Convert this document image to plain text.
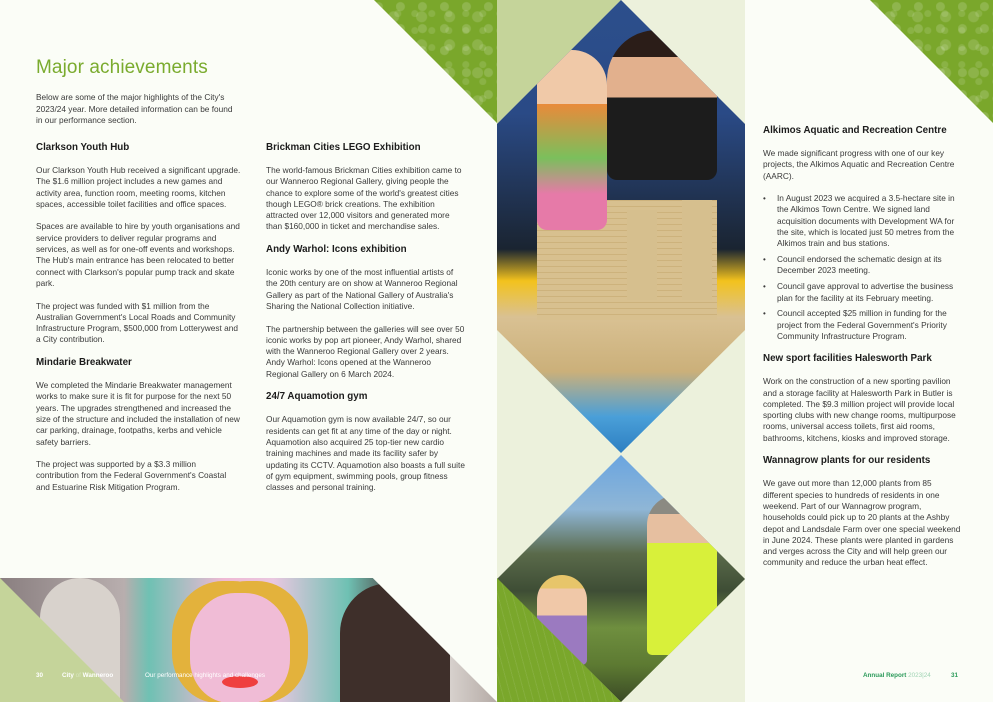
Major achievements

Below are some of the major highlights of the City's 2023/24 year. More detailed information can be found in our performance section.

Clarkson Youth Hub

Our Clarkson Youth Hub received a significant upgrade. The $1.6 million project includes a new games and activity area, function room, meeting rooms, kitchen spaces, accessible toilet facilities and office spaces.

Spaces are available to hire by youth organisations and service providers to deliver regular programs and services, as well as for one-off events and workshops. The Hub's main entrance has been relocated to better connect with Clarkson's popular pump track and skate park.

The project was funded with $1 million from the Australian Government's Local Roads and Community Infrastructure Program, $500,000 from Lotterywest and a City contribution.

Mindarie Breakwater

We completed the Mindarie Breakwater management works to make sure it is fit for purpose for the next 50 years. The upgrades strengthened and increased the size of the structure and included the installation of new car parking, drainage, footpaths, kerbs and vehicle safety barriers.

The project was supported by a $3.3 million contribution from the Federal Government's Coastal and Estuarine Risk Mitigation Program.

Brickman Cities LEGO Exhibition

The world-famous Brickman Cities exhibition came to our Wanneroo Regional Gallery, giving people the chance to explore some of the world's greatest cities though LEGO® brick creations. The exhibition attracted over 12,000 visitors and generated more than $160,000 in ticket and merchandise sales.

Andy Warhol: Icons exhibition

Iconic works by one of the most influential artists of the 20th century are on show at Wanneroo Regional Gallery as part of the National Gallery of Australia's Sharing the National Collection initiative.

The partnership between the galleries will see over 50 iconic works by pop art pioneer, Andy Warhol, shared with the Wanneroo Regional Gallery over 2 years. Andy Warhol: Icons opened at the Wanneroo Regional Gallery on 6 March 2024.

24/7 Aquamotion gym

Our Aquamotion gym is now available 24/7, so our residents can get fit at any time of the day or night. Aquamotion also acquired 25 top-tier new cardio training machines and made its facility safer by updating its CCTV. Aquamotion also boasts a full suite of gym equipment, swimming pools, group fitness classes and personal training.

30	City of Wanneroo	Our performance highlights and challenges
Alkimos Aquatic and Recreation Centre

We made significant progress with one of our key projects, the Alkimos Aquatic and Recreation Centre (AARC).

• In August 2023 we acquired a 3.5-hectare site in the Alkimos Town Centre. We signed land acquisition documents with Development WA for the site, which is located just 50 metres from the Alkimos train and bus stations.
• Council endorsed the schematic design at its December 2023 meeting.
• Council gave approval to advertise the business plan for the facility at its February meeting.
• Council accepted $25 million in funding for the project from the Federal Government's Priority Community Infrastructure Program.
New sport facilities Halesworth Park

Work on the construction of a new sporting pavilion and a storage facility at Halesworth Park in Butler is completed. The $9.3 million project will provide local sporting clubs with new change rooms, multipurpose rooms, universal access toilets, first aid rooms, bathrooms, kitchens, kiosks and improved storage.

Wannagrow plants for our residents

We gave out more than 12,000 plants from 85 different species to hundreds of residents in one weekend. Part of our Wannagrow program, households could pick up to 20 plants at the Ashby depot and Landsdale Farm over one special weekend in June 2024. These plants were planted in gardens and verges across the City and will help green our community and reduce the urban heat effect.

Annual Report 2023|24	31
